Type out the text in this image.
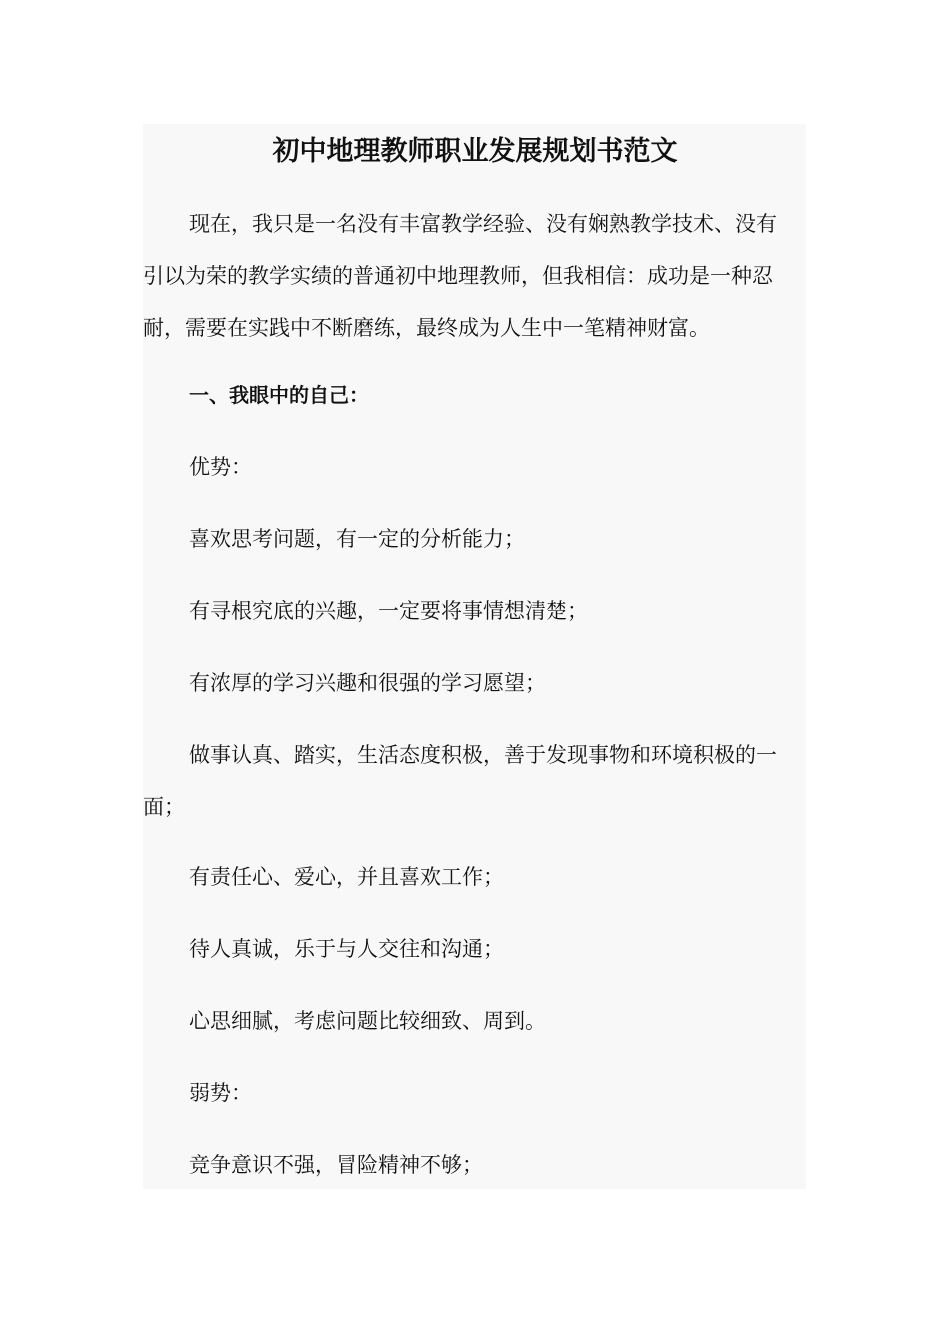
初中地理教师职业发展规划书范文

现在，我只是一名没有丰富教学经验、没有娴熟教学技术、没有引以为荣的教学实绩的普通初中地理教师，但我相信：成功是一种忍耐，需要在实践中不断磨练，最终成为人生中一笔精神财富。

一、我眼中的自己：

优势：

喜欢思考问题，有一定的分析能力；

有寻根究底的兴趣，一定要将事情想清楚；

有浓厚的学习兴趣和很强的学习愿望；

做事认真、踏实，生活态度积极，善于发现事物和环境积极的一面；

有责任心、爱心，并且喜欢工作；

待人真诚，乐于与人交往和沟通；

心思细腻，考虑问题比较细致、周到。

弱势：

竞争意识不强，冒险精神不够；
